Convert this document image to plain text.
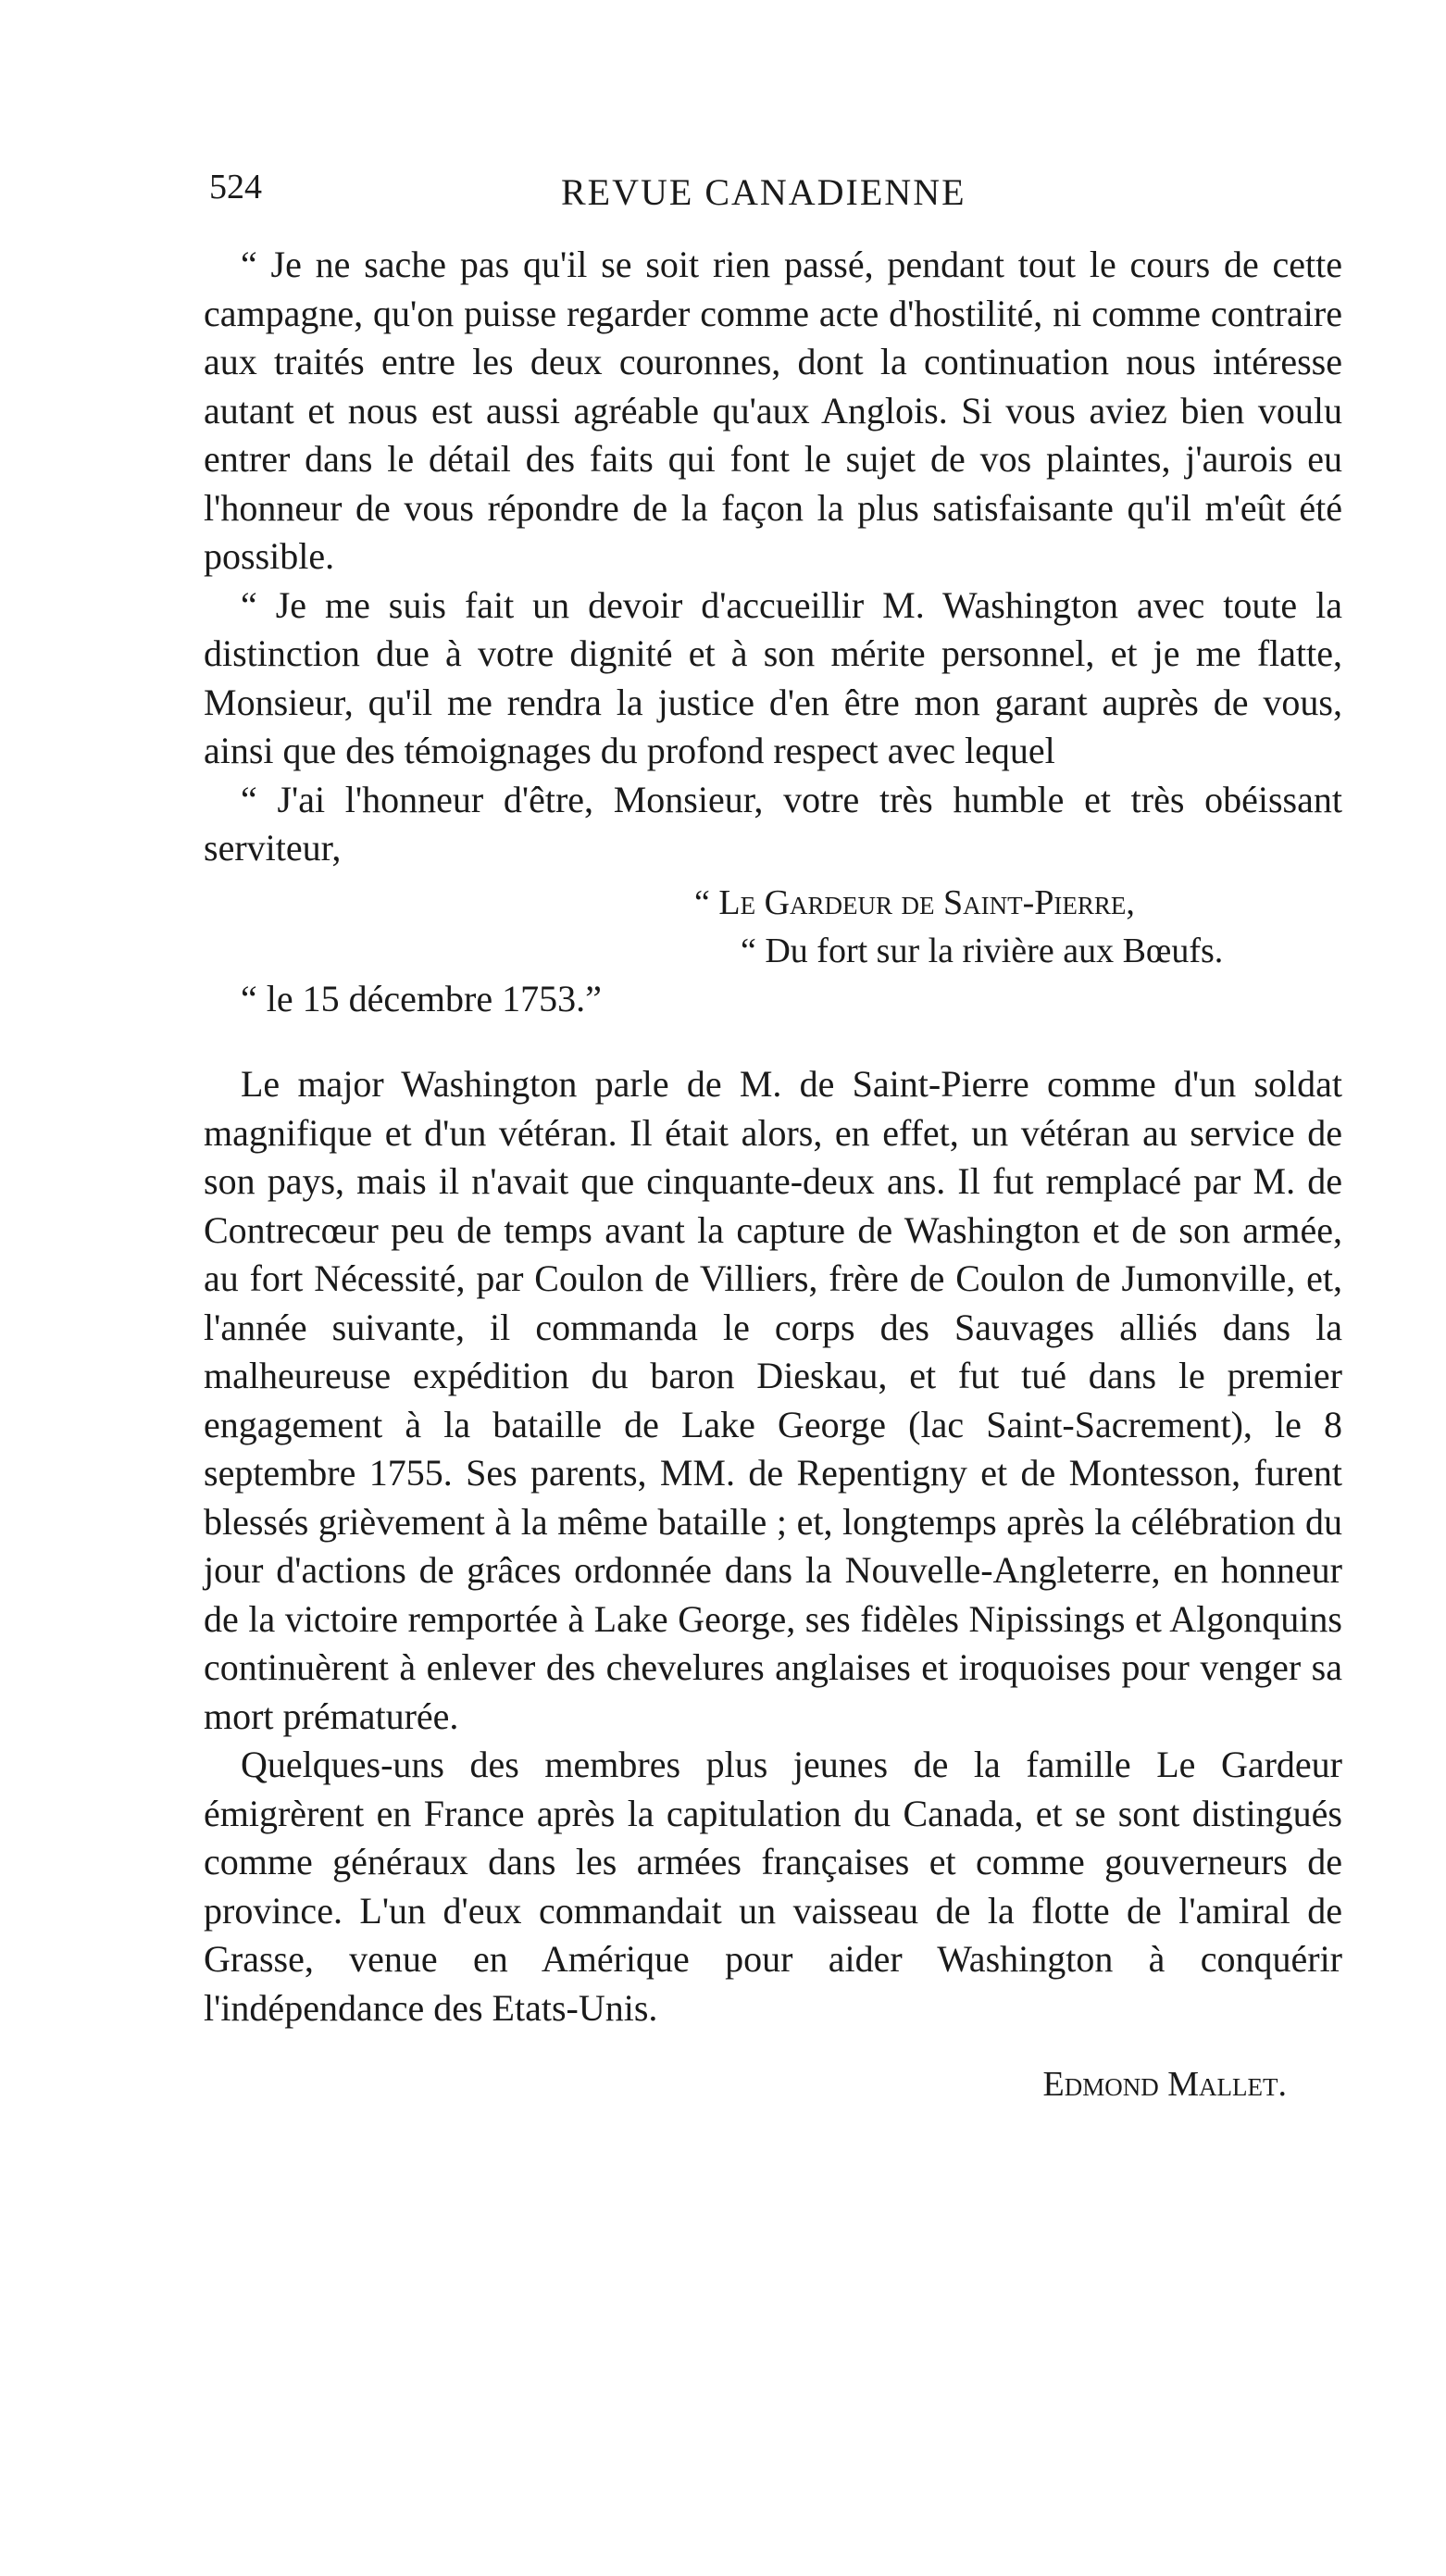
524	REVUE CANADIENNE

“ Je ne sache pas qu'il se soit rien passé, pendant tout le cours de cette campagne, qu'on puisse regarder comme acte d'hostilité, ni comme contraire aux traités entre les deux couronnes, dont la continuation nous intéresse autant et nous est aussi agréable qu'aux Anglois. Si vous aviez bien voulu entrer dans le détail des faits qui font le sujet de vos plaintes, j'aurois eu l'honneur de vous répondre de la façon la plus satisfaisante qu'il m'eût été possible.

“ Je me suis fait un devoir d'accueillir M. Washington avec toute la distinction due à votre dignité et à son mérite personnel, et je me flatte, Monsieur, qu'il me rendra la justice d'en être mon garant auprès de vous, ainsi que des témoignages du profond respect avec lequel

“ J'ai l'honneur d'être, Monsieur, votre très humble et très obéissant serviteur,

“ Le Gardeur de Saint-Pierre,
“ Du fort sur la rivière aux Bœufs.

“ le 15 décembre 1753.”

Le major Washington parle de M. de Saint-Pierre comme d'un soldat magnifique et d'un vétéran. Il était alors, en effet, un vétéran au service de son pays, mais il n'avait que cinquante-deux ans. Il fut remplacé par M. de Contrecœur peu de temps avant la capture de Washington et de son armée, au fort Nécessité, par Coulon de Villiers, frère de Coulon de Jumonville, et, l'année suivante, il commanda le corps des Sauvages alliés dans la malheureuse expédition du baron Dieskau, et fut tué dans le premier engagement à la bataille de Lake George (lac Saint-Sacrement), le 8 septembre 1755. Ses parents, MM. de Repentigny et de Montesson, furent blessés grièvement à la même bataille ; et, longtemps après la célébration du jour d'actions de grâces ordonnée dans la Nouvelle-Angleterre, en honneur de la victoire remportée à Lake George, ses fidèles Nipissings et Algonquins continuèrent à enlever des chevelures anglaises et iroquoises pour venger sa mort prématurée.

Quelques-uns des membres plus jeunes de la famille Le Gardeur émigrèrent en France après la capitulation du Canada, et se sont distingués comme généraux dans les armées françaises et comme gouverneurs de province. L'un d'eux commandait un vaisseau de la flotte de l'amiral de Grasse, venue en Amérique pour aider Washington à conquérir l'indépendance des Etats-Unis.

Edmond Mallet.
